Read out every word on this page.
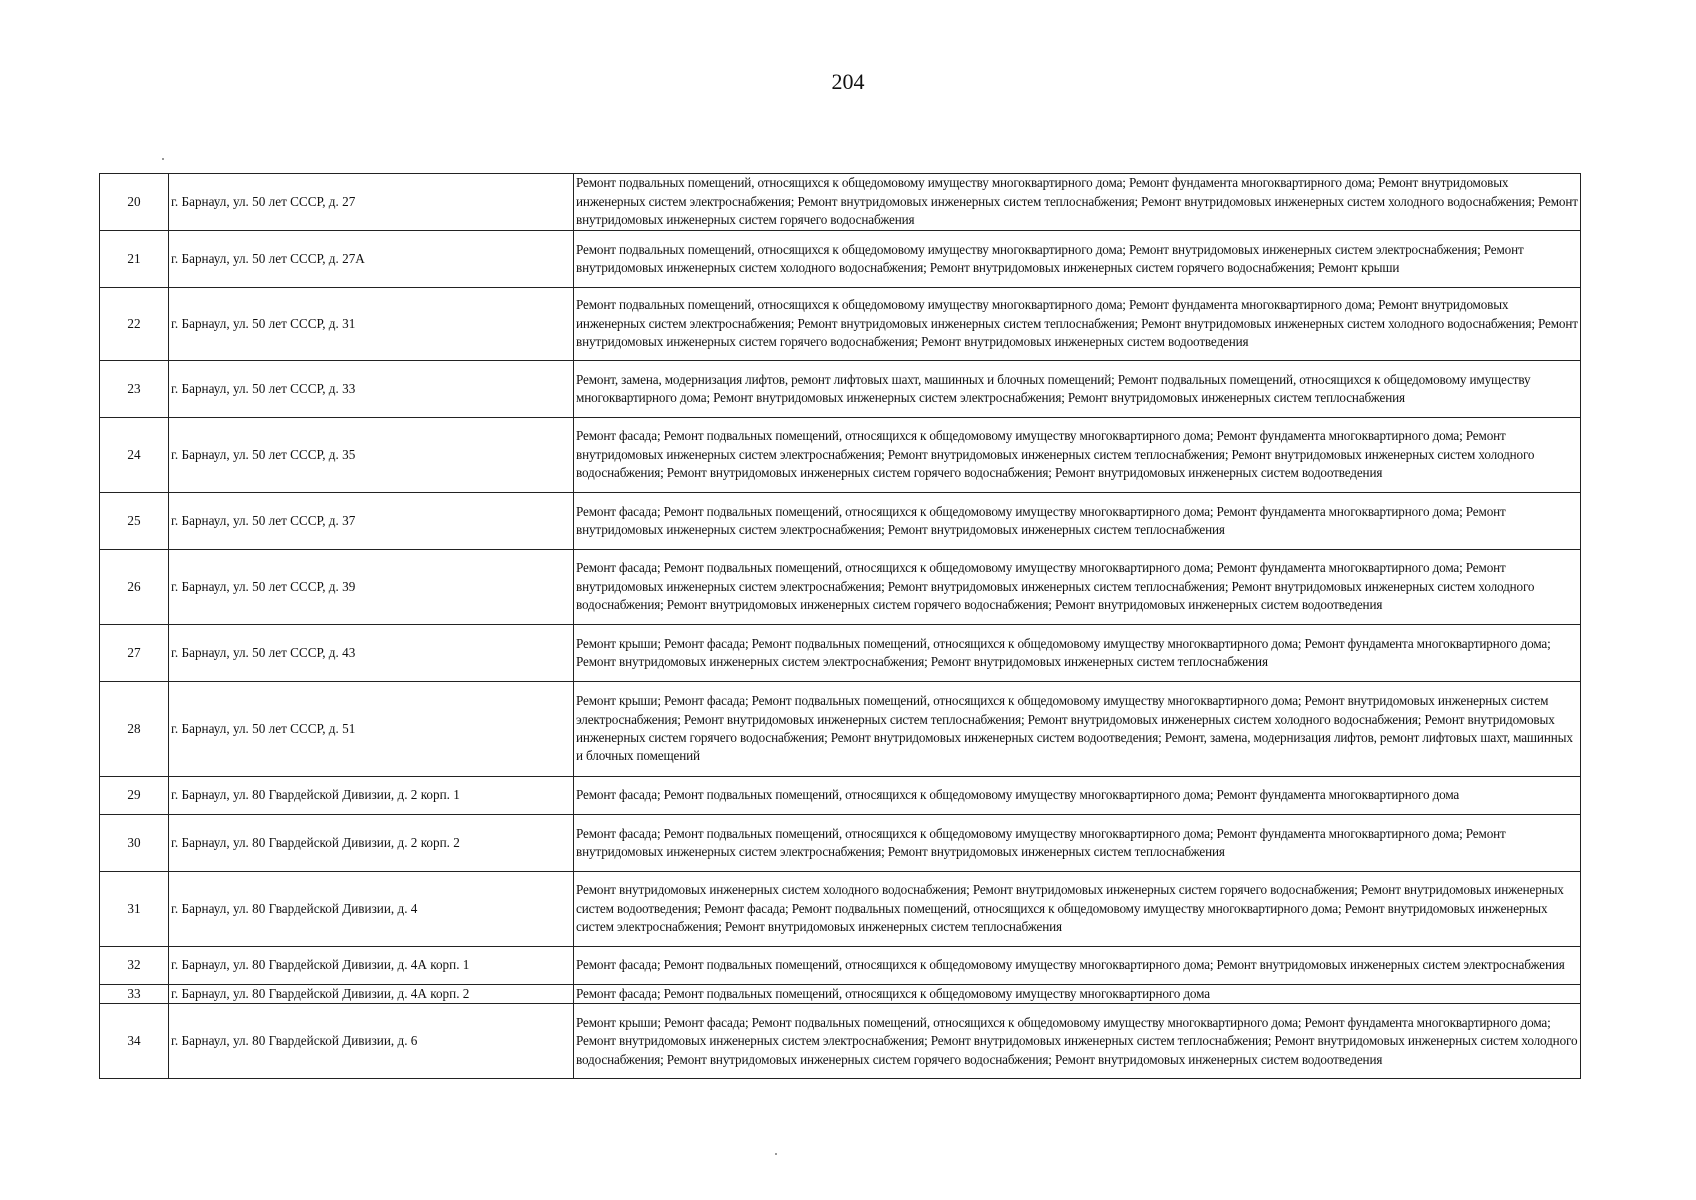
204
20	г. Барнаул, ул. 50 лет СССР, д. 27	Ремонт подвальных помещений, относящихся к общедомовому имуществу многоквартирного дома; Ремонт фундамента многоквартирного дома; Ремонт внутридомовых инженерных систем электроснабжения; Ремонт внутридомовых инженерных систем теплоснабжения; Ремонт внутридомовых инженерных систем холодного водоснабжения; Ремонт внутридомовых инженерных систем горячего водоснабжения
21	г. Барнаул, ул. 50 лет СССР, д. 27А	Ремонт подвальных помещений, относящихся к общедомовому имуществу многоквартирного дома; Ремонт внутридомовых инженерных систем электроснабжения; Ремонт внутридомовых инженерных систем холодного водоснабжения; Ремонт внутридомовых инженерных систем горячего водоснабжения; Ремонт крыши
22	г. Барнаул, ул. 50 лет СССР, д. 31	Ремонт подвальных помещений, относящихся к общедомовому имуществу многоквартирного дома; Ремонт фундамента многоквартирного дома; Ремонт внутридомовых инженерных систем электроснабжения; Ремонт внутридомовых инженерных систем теплоснабжения; Ремонт внутридомовых инженерных систем холодного водоснабжения; Ремонт внутридомовых инженерных систем горячего водоснабжения; Ремонт внутридомовых инженерных систем водоотведения
23	г. Барнаул, ул. 50 лет СССР, д. 33	Ремонт, замена, модернизация лифтов, ремонт лифтовых шахт, машинных и блочных помещений; Ремонт подвальных помещений, относящихся к общедомовому имуществу многоквартирного дома; Ремонт внутридомовых инженерных систем электроснабжения; Ремонт внутридомовых инженерных систем теплоснабжения
24	г. Барнаул, ул. 50 лет СССР, д. 35	Ремонт фасада; Ремонт подвальных помещений, относящихся к общедомовому имуществу многоквартирного дома; Ремонт фундамента многоквартирного дома; Ремонт внутридомовых инженерных систем электроснабжения; Ремонт внутридомовых инженерных систем теплоснабжения; Ремонт внутридомовых инженерных систем холодного водоснабжения; Ремонт внутридомовых инженерных систем горячего водоснабжения; Ремонт внутридомовых инженерных систем водоотведения
25	г. Барнаул, ул. 50 лет СССР, д. 37	Ремонт фасада; Ремонт подвальных помещений, относящихся к общедомовому имуществу многоквартирного дома; Ремонт фундамента многоквартирного дома; Ремонт внутридомовых инженерных систем электроснабжения; Ремонт внутридомовых инженерных систем теплоснабжения
26	г. Барнаул, ул. 50 лет СССР, д. 39	Ремонт фасада; Ремонт подвальных помещений, относящихся к общедомовому имуществу многоквартирного дома; Ремонт фундамента многоквартирного дома; Ремонт внутридомовых инженерных систем электроснабжения; Ремонт внутридомовых инженерных систем теплоснабжения; Ремонт внутридомовых инженерных систем холодного водоснабжения; Ремонт внутридомовых инженерных систем горячего водоснабжения; Ремонт внутридомовых инженерных систем водоотведения
27	г. Барнаул, ул. 50 лет СССР, д. 43	Ремонт крыши; Ремонт фасада; Ремонт подвальных помещений, относящихся к общедомовому имуществу многоквартирного дома; Ремонт фундамента многоквартирного дома; Ремонт внутридомовых инженерных систем электроснабжения; Ремонт внутридомовых инженерных систем теплоснабжения
28	г. Барнаул, ул. 50 лет СССР, д. 51	Ремонт крыши; Ремонт фасада; Ремонт подвальных помещений, относящихся к общедомовому имуществу многоквартирного дома; Ремонт внутридомовых инженерных систем электроснабжения; Ремонт внутридомовых инженерных систем теплоснабжения; Ремонт внутридомовых инженерных систем холодного водоснабжения; Ремонт внутридомовых инженерных систем горячего водоснабжения; Ремонт внутридомовых инженерных систем водоотведения; Ремонт, замена, модернизация лифтов, ремонт лифтовых шахт, машинных и блочных помещений
29	г. Барнаул, ул. 80 Гвардейской Дивизии, д. 2 корп. 1	Ремонт фасада; Ремонт подвальных помещений, относящихся к общедомовому имуществу многоквартирного дома; Ремонт фундамента многоквартирного дома
30	г. Барнаул, ул. 80 Гвардейской Дивизии, д. 2 корп. 2	Ремонт фасада; Ремонт подвальных помещений, относящихся к общедомовому имуществу многоквартирного дома; Ремонт фундамента многоквартирного дома; Ремонт внутридомовых инженерных систем электроснабжения; Ремонт внутридомовых инженерных систем теплоснабжения
31	г. Барнаул, ул. 80 Гвардейской Дивизии, д. 4	Ремонт внутридомовых инженерных систем холодного водоснабжения; Ремонт внутридомовых инженерных систем горячего водоснабжения; Ремонт внутридомовых инженерных систем водоотведения; Ремонт фасада; Ремонт подвальных помещений, относящихся к общедомовому имуществу многоквартирного дома; Ремонт внутридомовых инженерных систем электроснабжения; Ремонт внутридомовых инженерных систем теплоснабжения
32	г. Барнаул, ул. 80 Гвардейской Дивизии, д. 4А корп. 1	Ремонт фасада; Ремонт подвальных помещений, относящихся к общедомовому имуществу многоквартирного дома; Ремонт внутридомовых инженерных систем электроснабжения
33	г. Барнаул, ул. 80 Гвардейской Дивизии, д. 4А корп. 2	Ремонт фасада; Ремонт подвальных помещений, относящихся к общедомовому имуществу многоквартирного дома
34	г. Барнаул, ул. 80 Гвардейской Дивизии, д. 6	Ремонт крыши; Ремонт фасада; Ремонт подвальных помещений, относящихся к общедомовому имуществу многоквартирного дома; Ремонт фундамента многоквартирного дома; Ремонт внутридомовых инженерных систем электроснабжения; Ремонт внутридомовых инженерных систем теплоснабжения; Ремонт внутридомовых инженерных систем холодного водоснабжения; Ремонт внутридомовых инженерных систем горячего водоснабжения; Ремонт внутридомовых инженерных систем водоотведения
